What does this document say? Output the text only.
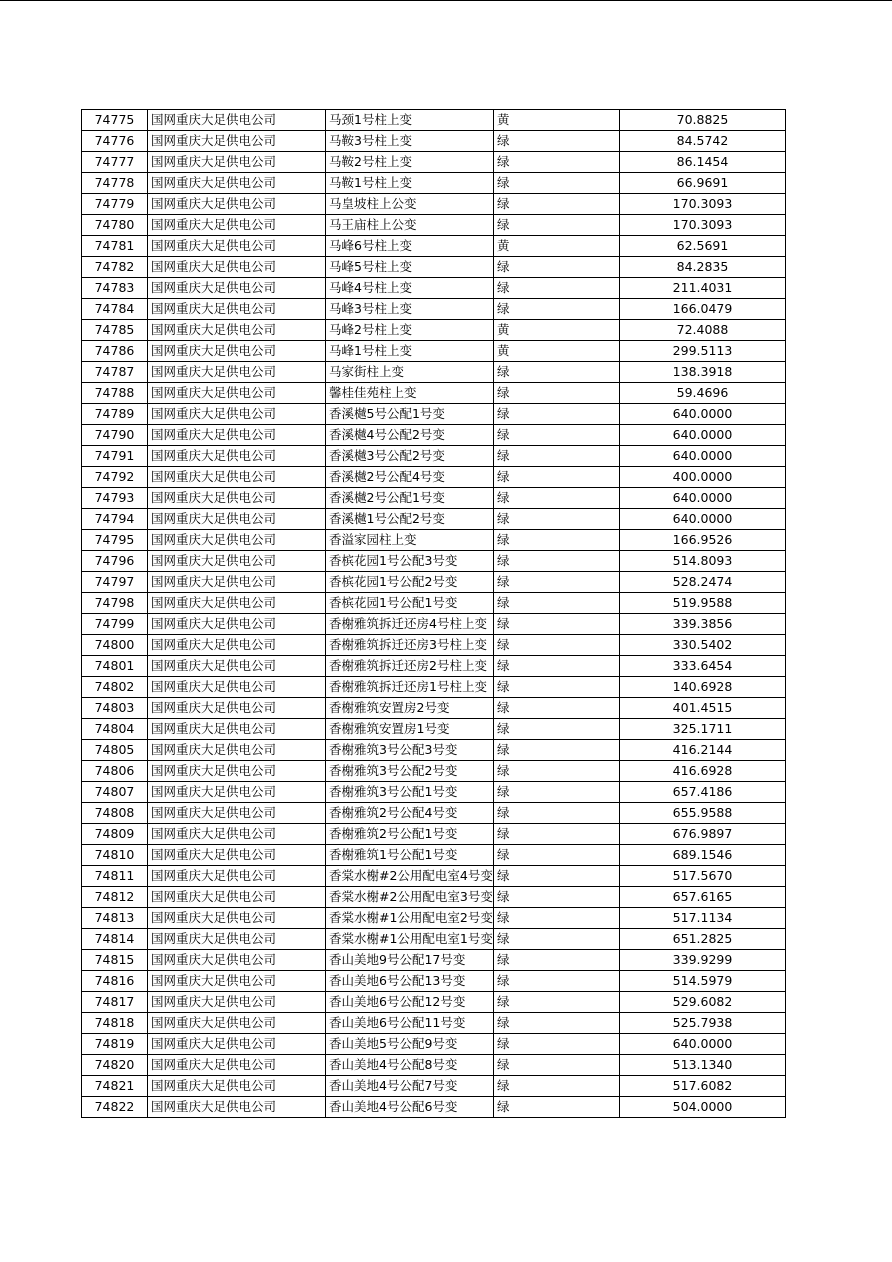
74775	国网重庆大足供电公司	马颈1号柱上变	黄	70.8825
74776	国网重庆大足供电公司	马鞍3号柱上变	绿	84.5742
74777	国网重庆大足供电公司	马鞍2号柱上变	绿	86.1454
74778	国网重庆大足供电公司	马鞍1号柱上变	绿	66.9691
74779	国网重庆大足供电公司	马皇坡柱上公变	绿	170.3093
74780	国网重庆大足供电公司	马王庙柱上公变	绿	170.3093
74781	国网重庆大足供电公司	马峰6号柱上变	黄	62.5691
74782	国网重庆大足供电公司	马峰5号柱上变	绿	84.2835
74783	国网重庆大足供电公司	马峰4号柱上变	绿	211.4031
74784	国网重庆大足供电公司	马峰3号柱上变	绿	166.0479
74785	国网重庆大足供电公司	马峰2号柱上变	黄	72.4088
74786	国网重庆大足供电公司	马峰1号柱上变	黄	299.5113
74787	国网重庆大足供电公司	马家街柱上变	绿	138.3918
74788	国网重庆大足供电公司	馨桂佳苑柱上变	绿	59.4696
74789	国网重庆大足供电公司	香溪樾5号公配1号变	绿	640.0000
74790	国网重庆大足供电公司	香溪樾4号公配2号变	绿	640.0000
74791	国网重庆大足供电公司	香溪樾3号公配2号变	绿	640.0000
74792	国网重庆大足供电公司	香溪樾2号公配4号变	绿	400.0000
74793	国网重庆大足供电公司	香溪樾2号公配1号变	绿	640.0000
74794	国网重庆大足供电公司	香溪樾1号公配2号变	绿	640.0000
74795	国网重庆大足供电公司	香溢家园柱上变	绿	166.9526
74796	国网重庆大足供电公司	香槟花园1号公配3号变	绿	514.8093
74797	国网重庆大足供电公司	香槟花园1号公配2号变	绿	528.2474
74798	国网重庆大足供电公司	香槟花园1号公配1号变	绿	519.9588
74799	国网重庆大足供电公司	香榭雅筑拆迁还房4号柱上变	绿	339.3856
74800	国网重庆大足供电公司	香榭雅筑拆迁还房3号柱上变	绿	330.5402
74801	国网重庆大足供电公司	香榭雅筑拆迁还房2号柱上变	绿	333.6454
74802	国网重庆大足供电公司	香榭雅筑拆迁还房1号柱上变	绿	140.6928
74803	国网重庆大足供电公司	香榭雅筑安置房2号变	绿	401.4515
74804	国网重庆大足供电公司	香榭雅筑安置房1号变	绿	325.1711
74805	国网重庆大足供电公司	香榭雅筑3号公配3号变	绿	416.2144
74806	国网重庆大足供电公司	香榭雅筑3号公配2号变	绿	416.6928
74807	国网重庆大足供电公司	香榭雅筑3号公配1号变	绿	657.4186
74808	国网重庆大足供电公司	香榭雅筑2号公配4号变	绿	655.9588
74809	国网重庆大足供电公司	香榭雅筑2号公配1号变	绿	676.9897
74810	国网重庆大足供电公司	香榭雅筑1号公配1号变	绿	689.1546
74811	国网重庆大足供电公司	香棠水榭#2公用配电室4号变	绿	517.5670
74812	国网重庆大足供电公司	香棠水榭#2公用配电室3号变	绿	657.6165
74813	国网重庆大足供电公司	香棠水榭#1公用配电室2号变	绿	517.1134
74814	国网重庆大足供电公司	香棠水榭#1公用配电室1号变	绿	651.2825
74815	国网重庆大足供电公司	香山美地9号公配17号变	绿	339.9299
74816	国网重庆大足供电公司	香山美地6号公配13号变	绿	514.5979
74817	国网重庆大足供电公司	香山美地6号公配12号变	绿	529.6082
74818	国网重庆大足供电公司	香山美地6号公配11号变	绿	525.7938
74819	国网重庆大足供电公司	香山美地5号公配9号变	绿	640.0000
74820	国网重庆大足供电公司	香山美地4号公配8号变	绿	513.1340
74821	国网重庆大足供电公司	香山美地4号公配7号变	绿	517.6082
74822	国网重庆大足供电公司	香山美地4号公配6号变	绿	504.0000
